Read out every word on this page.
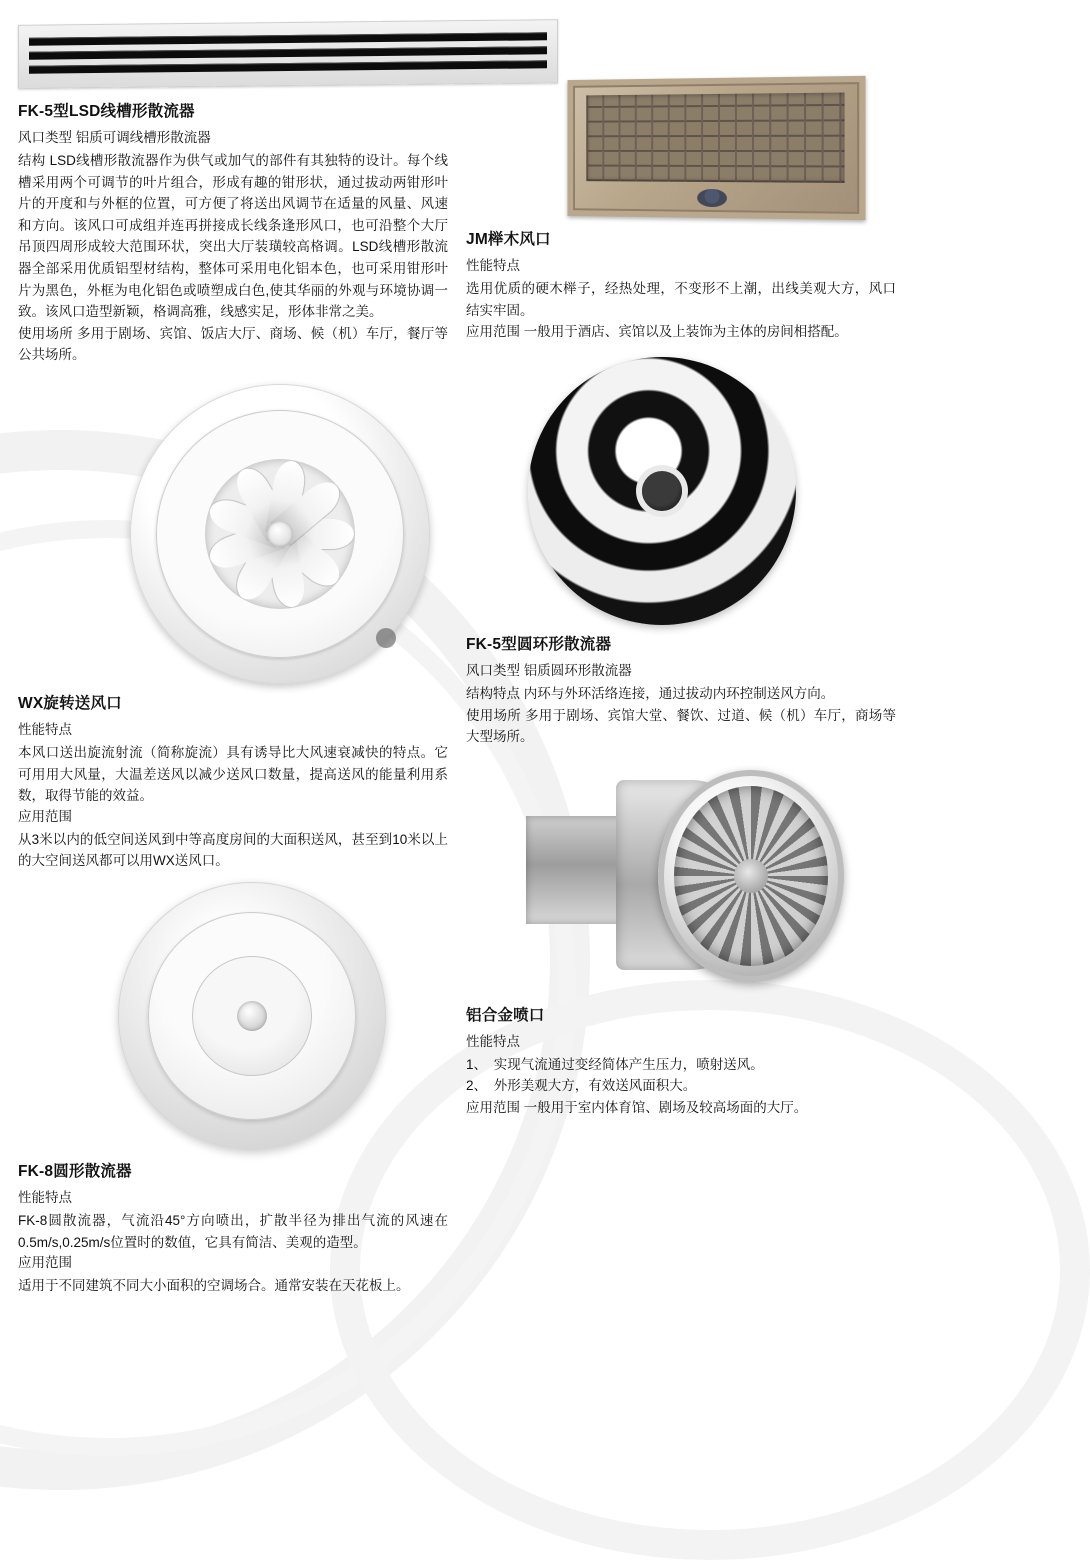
FK-5型LSD线槽形散流器

风口类型 铝质可调线槽形散流器

结构 LSD线槽形散流器作为供气或加气的部件有其独特的设计。每个线槽采用两个可调节的叶片组合，形成有趣的钳形状，通过拔动两钳形叶片的开度和与外框的位置，可方便了将送出风调节在适量的风量、风速和方向。该风口可成组并连再拼接成长线条逢形风口，也可沿整个大厅吊顶四周形成较大范围环状，突出大厅装璜较高格调。LSD线槽形散流器全部采用优质铝型材结构，整体可采用电化铝本色，也可采用钳形叶片为黑色，外框为电化铝色或喷塑成白色,使其华丽的外观与环境协调一致。该风口造型新颖，格调高雅，线感实足，形体非常之美。

使用场所 多用于剧场、宾馆、饭店大厅、商场、候（机）车厅，餐厅等公共场所。

WX旋转送风口

性能特点

本风口送出旋流射流（简称旋流）具有诱导比大风速衰减快的特点。它可用用大风量，大温差送风以减少送风口数量，提高送风的能量利用系数，取得节能的效益。

应用范围

从3米以内的低空间送风到中等高度房间的大面积送风，甚至到10米以上的大空间送风都可以用WX送风口。

FK-8圆形散流器

性能特点

FK-8圆散流器，气流沿45°方向喷出，扩散半径为排出气流的风速在0.5m/s,0.25m/s位置时的数值，它具有简洁、美观的造型。

应用范围

适用于不同建筑不同大小面积的空调场合。通常安装在天花板上。

JM榉木风口

性能特点

选用优质的硬木榉子，经热处理，不变形不上潮，出线美观大方，风口结实牢固。

应用范围 一般用于酒店、宾馆以及上装饰为主体的房间相搭配。

FK-5型圆环形散流器

风口类型 铝质圆环形散流器

结构特点 内环与外环活络连接，通过拔动内环控制送风方向。

使用场所 多用于剧场、宾馆大堂、餐饮、过道、候（机）车厅，商场等大型场所。

铝合金喷口

性能特点

1、　实现气流通过变经简体产生压力，喷射送风。
2、　外形美观大方，有效送风面积大。

应用范围 一般用于室内体育馆、剧场及较高场面的大厅。
